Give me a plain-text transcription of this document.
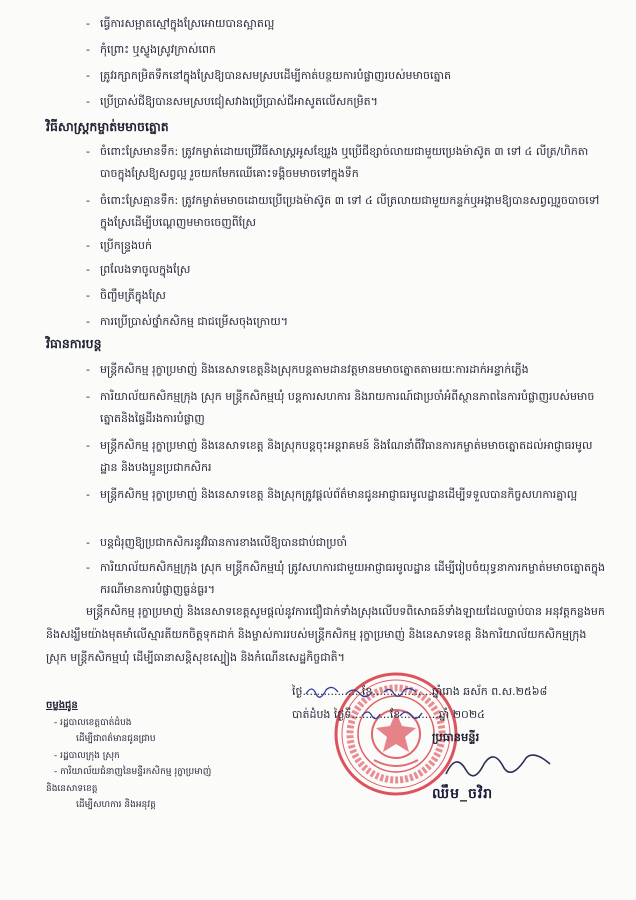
- ធ្វើការសម្អាតស្មៅក្នុងស្រែអោយបានស្អាតល្អ
- កុំព្រោះ ឬស្ទូងស្រូវក្រាស់ពេក
- ត្រូវរក្សាកម្រិតទឹកនៅក្នុងស្រែឱ្យបានសមស្របដើម្បីកាត់បន្ថយការបំផ្លាញរបស់មមាចត្នោត
- ប្រើប្រាស់ជីឱ្យបានសមស្របជៀសវាងប្រើប្រាស់ជីអាសូតលើសកម្រិត។
វិធីសាស្ត្រកម្ចាត់មមាចត្នោត
- ចំពោះស្រែមានទឹក: ត្រូវកម្ចាត់ដោយប្រើវិធីសាស្ត្រអូសខ្សែរួង ឬប្រើជីខ្សាច់លាយជាមួយប្រេងម៉ាស៊ូត ៣ ទៅ ៤ លីត្រ/ហិកតា បាចក្នុងស្រែឱ្យសព្វល្អ រួចយកមែកឈើគោះទង្គិចមមាចទៅក្នុងទឹក
- ចំពោះស្រែគ្មានទឹក: ត្រូវកម្ចាត់មមាចដោយប្រើប្រេងម៉ាស៊ូត ៣ ទៅ ៤ លីត្រលាយជាមួយកន្ទក់ឬអង្កាមឱ្យបានសព្វល្អរួចបាចទៅក្នុងស្រែដើម្បីបណ្តេញមមាចចេញពីស្រែ
- ប្រើកន្ទ្រងបក់
- ព្រលែងទាចូលក្នុងស្រែ
- ចិញ្ចឹមត្រីក្នុងស្រែ
- ការប្រើប្រាស់ថ្នាំកសិកម្ម ជាជម្រើសចុងក្រោយ។
វិធានការបន្ត
- មន្ត្រីកសិកម្ម រុក្ខាប្រមាញ់ និងនេសាទខេត្តនិងស្រុកបន្តតាមដានវត្តមានមមាចត្នោតតាមរយៈការដាក់អន្ទាក់ភ្លើង
- ការិយាល័យកសិកម្មក្រុង ស្រុក មន្ត្រីកសិកម្មឃុំ បន្តការសហការ និងរាយការណ៍ជាប្រចាំអំពីស្ថានភាពនៃការបំផ្លាញរបស់មមាចត្នោតនិងផ្ទៃដីរងការបំផ្លាញ
- មន្ត្រីកសិកម្ម រុក្ខាប្រមាញ់ និងនេសាទខេត្ត និងស្រុកបន្តចុះអន្តរាគមន៍ និងណែនាំពីវិធានការកម្ចាត់មមាចត្នោតដល់អាជ្ញាធរមូលដ្ឋាន និងបងប្អូនប្រជាកសិករ
- មន្ត្រីកសិកម្ម រុក្ខាប្រមាញ់ និងនេសាទខេត្ត និងស្រុកត្រូវផ្តល់ព័ត៌មានជូនអាជ្ញាធរមូលដ្ឋានដើម្បីទទួលបានកិច្ចសហការគ្នាល្អ
- បន្តជំរុញឱ្យប្រជាកសិករនូវវិធានការខាងលើឱ្យបានជាប់ជាប្រចាំ
- ការិយាល័យកសិកម្មក្រុង ស្រុក មន្ត្រីកសិកម្មឃុំ ត្រូវសហការជាមួយអាជ្ញាធរមូលដ្ឋាន ដើម្បីរៀបចំយុទ្ធនាការកម្ចាត់មមាចត្នោតក្នុងករណីមានការបំផ្លាញធ្ងន់ធ្ងរ។
មន្ត្រីកសិកម្ម រុក្ខាប្រមាញ់ និងនេសាទខេត្តសូមផ្តល់នូវការជឿជាក់ទាំងស្រុងលើបទពិសោធន៍ទាំងឡាយដែលធ្លាប់បាន អនុវត្តកន្លងមក និងសង្ឃឹមយ៉ាងមុតមាំលើស្មារតីយកចិត្តទុកដាក់ និងម្ចាស់ការរបស់មន្ត្រីកសិកម្ម រុក្ខាប្រមាញ់ និងនេសាទខេត្ត និងការិយាល័យកសិកម្មក្រុង ស្រុក មន្ត្រីកសិកម្មឃុំ ដើម្បីធានាសន្តិសុខស្បៀង និងកំណើនសេដ្ឋកិច្ចជាតិ។
ថ្ងៃ.................ខែ.................ឆ្នាំរោង ឆស័ក ព.ស.២៥៦៨
បាត់ដំបង ថ្ងៃទី...........ខែ...........ឆ្នាំ ២០២៤
ប្រធានមន្ទីរ
ឈឹម_ចវិរា
ចម្លងជូន
- រដ្ឋបាលខេត្តបាត់ដំបង
ដើម្បីជាពត៌មានជូនជ្រាប
- រដ្ឋបាលក្រុង ស្រុក
- ការិយាល័យជំនាញនៃមន្ទីរកសិកម្ម រុក្ខាប្រមាញ់
និងនេសាទខេត្ត
ដើម្បីសហការ និងអនុវត្ត
